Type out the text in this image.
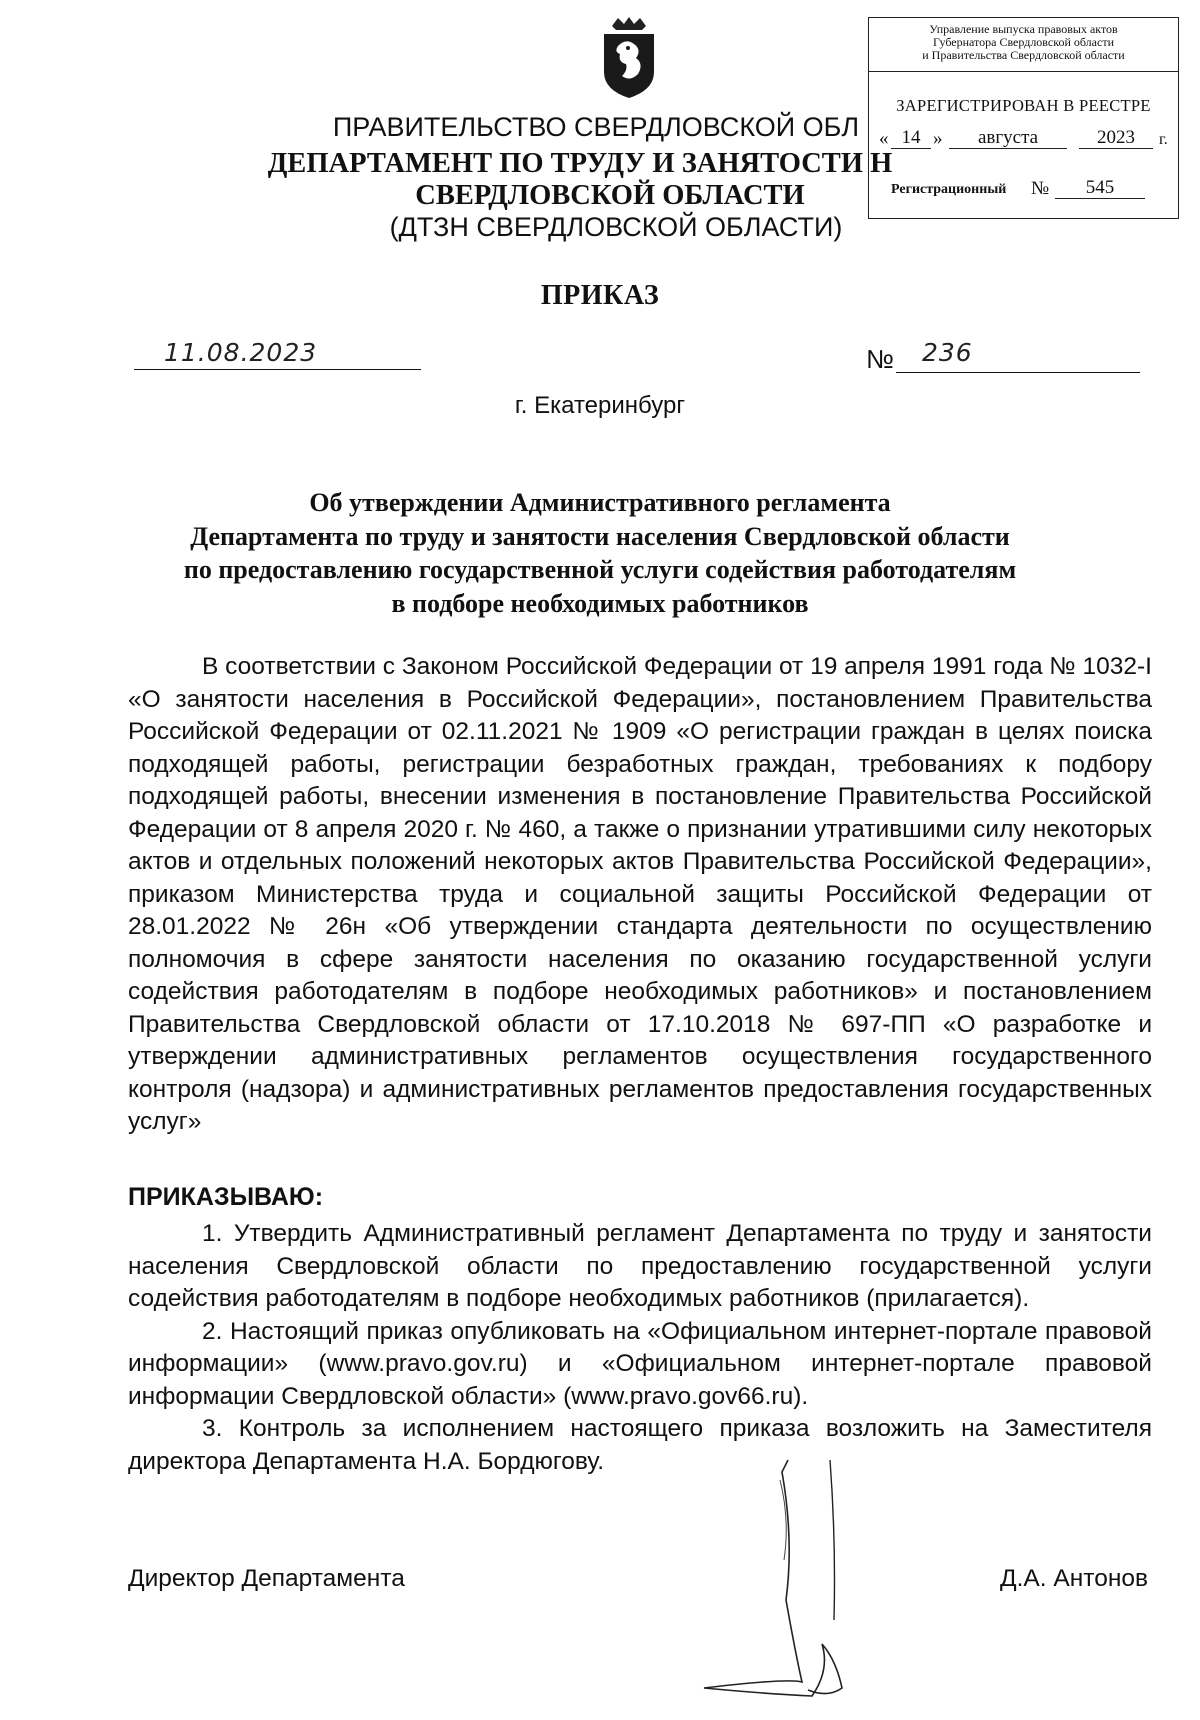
Управление выпуска правовых актов
Губернатора Свердловской области
и Правительства Свердловской области
ЗАРЕГИСТРИРОВАН В РЕЕСТРЕ
« 14 »	августа	2023	г.
Регистрационный №	545
ПРАВИТЕЛЬСТВО СВЕРДЛОВСКОЙ ОБЛ
ДЕПАРТАМЕНТ ПО ТРУДУ И ЗАНЯТОСТИ Н
СВЕРДЛОВСКОЙ ОБЛАСТИ
(ДТЗН СВЕРДЛОВСКОЙ ОБЛАСТИ)
ПРИКАЗ
11.08.2023	№ 236
г. Екатеринбург
Об утверждении Административного регламента
Департамента по труду и занятости населения Свердловской области
по предоставлению государственной услуги содействия работодателям
в подборе необходимых работников
В соответствии с Законом Российской Федерации от 19 апреля 1991 года № 1032-I «О занятости населения в Российской Федерации», постановлением Правительства Российской Федерации от 02.11.2021 № 1909 «О регистрации граждан в целях поиска подходящей работы, регистрации безработных граждан, требованиях к подбору подходящей работы, внесении изменения в постановление Правительства Российской Федерации от 8 апреля 2020 г. № 460, а также о признании утратившими силу некоторых актов и отдельных положений некоторых актов Правительства Российской Федерации», приказом Министерства труда и социальной защиты Российской Федерации от 28.01.2022 № 26н «Об утверждении стандарта деятельности по осуществлению полномочия в сфере занятости населения по оказанию государственной услуги содействия работодателям в подборе необходимых работников» и постановлением Правительства Свердловской области от 17.10.2018 № 697-ПП «О разработке и утверждении административных регламентов осуществления государственного контроля (надзора) и административных регламентов предоставления государственных услуг»
ПРИКАЗЫВАЮ:

1. Утвердить Административный регламент Департамента по труду и занятости населения Свердловской области по предоставлению государственной услуги содействия работодателям в подборе необходимых работников (прилагается).

2. Настоящий приказ опубликовать на «Официальном интернет-портале правовой информации» (www.pravo.gov.ru) и «Официальном интернет-портале правовой информации Свердловской области» (www.pravo.gov66.ru).

3. Контроль за исполнением настоящего приказа возложить на Заместителя директора Департамента Н.А. Бордюгову.

Директор Департамента	Д.А. Антонов
